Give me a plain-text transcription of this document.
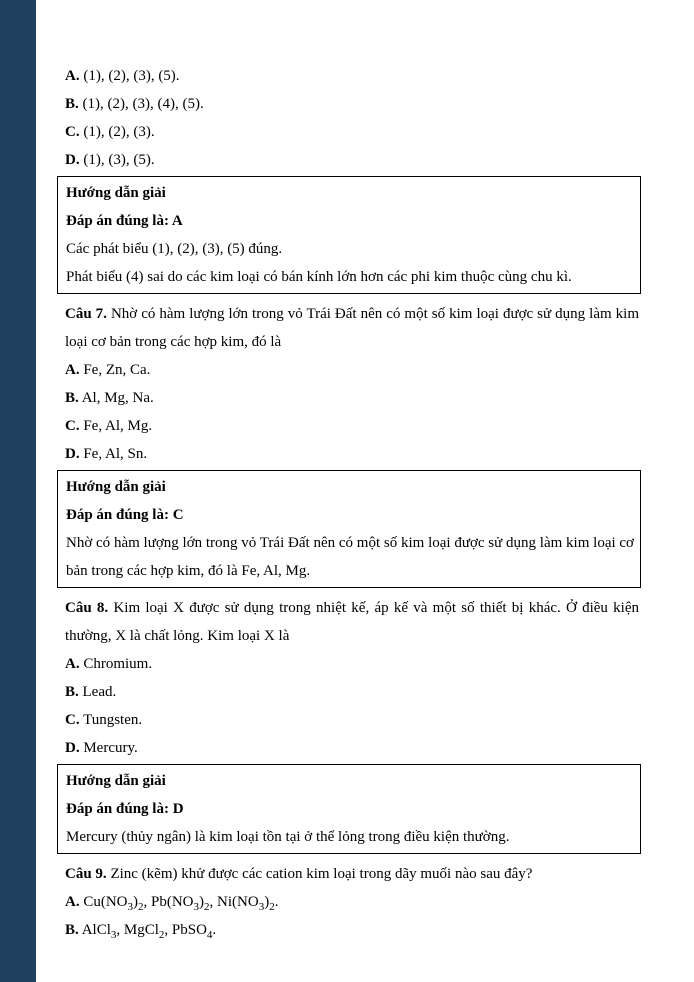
A. (1), (2), (3), (5).
B. (1), (2), (3), (4), (5).
C. (1), (2), (3).
D. (1), (3), (5).
Hướng dẫn giải
Đáp án đúng là: A
Các phát biểu (1), (2), (3), (5) đúng.
Phát biểu (4) sai do các kim loại có bán kính lớn hơn các phi kim thuộc cùng chu kì.
Câu 7. Nhờ có hàm lượng lớn trong vỏ Trái Đất nên có một số kim loại được sử dụng làm kim loại cơ bản trong các hợp kim, đó là
A. Fe, Zn, Ca.
B. Al, Mg, Na.
C. Fe, Al, Mg.
D. Fe, Al, Sn.
Hướng dẫn giải
Đáp án đúng là: C
Nhờ có hàm lượng lớn trong vỏ Trái Đất nên có một số kim loại được sử dụng làm kim loại cơ bản trong các hợp kim, đó là Fe, Al, Mg.
Câu 8. Kim loại X được sử dụng trong nhiệt kế, áp kế và một số thiết bị khác. Ở điều kiện thường, X là chất lỏng. Kim loại X là
A. Chromium.
B. Lead.
C. Tungsten.
D. Mercury.
Hướng dẫn giải
Đáp án đúng là: D
Mercury (thủy ngân) là kim loại tồn tại ở thể lỏng trong điều kiện thường.
Câu 9. Zinc (kẽm) khử được các cation kim loại trong dãy muối nào sau đây?
A. $Cu(NO_3)_2$, $Pb(NO_3)_2$, $Ni(NO_3)_2$.
B. AlCl$_3$, MgCl$_2$, PbSO$_4$.
